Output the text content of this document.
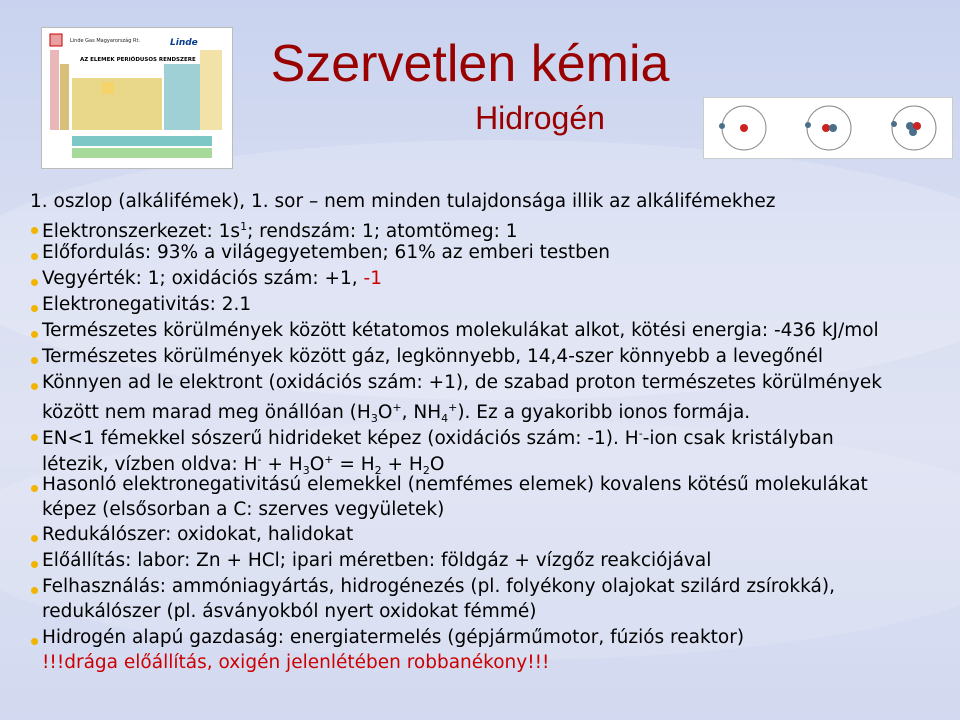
Linde Gas Magyarország Rt.	Linde
AZ ELEMEK PERIÓDUSOS RENDSZERE	Szervetlen kémia
Hidrogén
1. oszlop (alkálifémek), 1. sor – nem minden tulajdonsága illik az alkálifémekhez
Elektronszerkezet: $1s^1$; rendszám: 1; atomtömeg: 1
Előfordulás: 93% a világegyetemben; 61% az emberi testben
Vegyérték: 1; oxidációs szám: +1, -1
Elektronegativitás: 2.1
Természetes körülmények között kétatomos molekulákat alkot, kötési energia: -436 kJ/mol
Természetes körülmények között gáz, legkönnyebb, 14,4-szer könnyebb a levegőnél
Könnyen ad le elektront (oxidációs szám: +1), de szabad proton természetes körülmények
között nem marad meg önállóan ($H_3O^+$, $NH_4^+$). Ez a gyakoribb ionos formája.
EN<1 fémekkel sószerű hidrideket képez (oxidációs szám: -1). H--ion csak kristályban
létezik, vízben oldva: $H^- + H_3O^+ = H_2 + H_2O$
Hasonló elektronegativitású elemekkel (nemfémes elemek) kovalens kötésű molekulákat
képez (elsősorban a C: szerves vegyületek)
Redukálószer: oxidokat, halidokat
Előállítás: labor: Zn + HCl; ipari méretben: földgáz + vízgőz reakciójával
Felhasználás: ammóniagyártás, hidrogénezés (pl. folyékony olajokat szilárd zsírokká),
redukálószer (pl. ásványokból nyert oxidokat fémmé)
Hidrogén alapú gazdaság: energiatermelés (gépjárműmotor, fúziós reaktor)
!!!drága előállítás, oxigén jelenlétében robbanékony!!!
